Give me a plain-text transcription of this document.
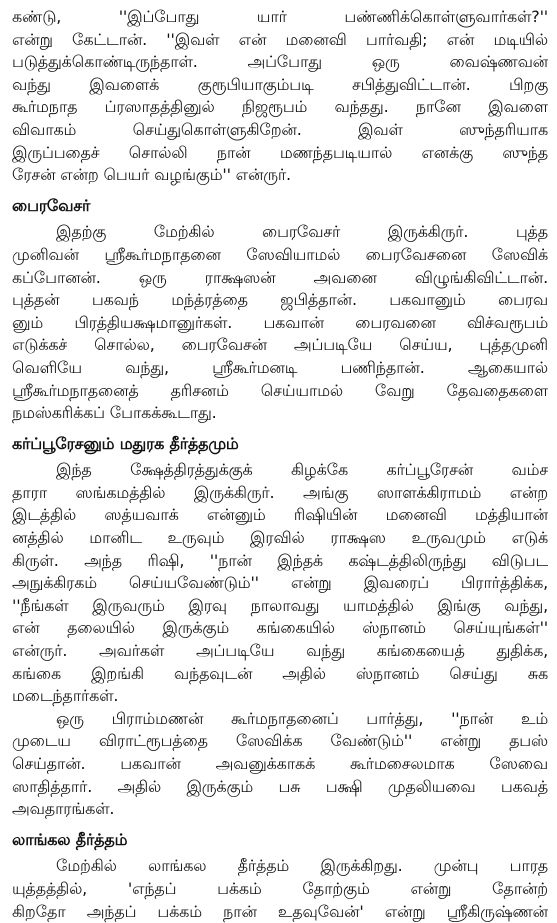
கண்டு, ''இப்போது யார் பண்ணிக்கொள்ளுவார்கள்?''
என்று கேட்டான். ''இவள் என் மனைவி பார்வதி; என் மடியில்
படுத்துக்கொண்டிருந்தாள். அப்போது ஒரு வைஷ்ணவன்
வந்து இவளைக் குரூபியாகும்படி சபித்துவிட்டான். பிறகு
கூர்மநாத ப்ரஸாதத்தினுல் நிஜரூபம் வந்தது. நானே இவளை
விவாகம் செய்துகொள்ளுகிறேன். இவள் ஸுந்தரியாக
இருப்பதைச் சொல்லி நான் மணந்தபடியால் எனக்கு ஸுந்த
ரேசன் என்ற பெயர் வழங்கும்'' என்ருர்.
பைரவேசர்
இதற்கு மேற்கில் பைரவேசர் இருக்கிருர். புத்த
முனிவன் ஸ்ரீகூர்மநாதனை ஸேவியாமல் பைரவேசனை ஸேவிக்
கப்போனன். ஒரு ராக்ஷஸன் அவனை விழுங்கிவிட்டான்.
புத்தன் பகவந் மந்த்ரத்தை ஜபித்தான். பகவானும் பைரவ
னும் பிரத்தியக்ஷமானுர்கள். பகவான் பைரவனை விச்வரூபம்
எடுக்கச் சொல்ல, பைரவேசன் அப்படியே செய்ய, புத்தமுனி
வெளியே வந்து, ஸ்ரீகூர்மனடி பணிந்தான். ஆகையால்
ஸ்ரீகூர்மநாதனைத் தரிசனம் செய்யாமல் வேறு தேவதைகளை
நமஸ்கரிக்கப் போகக்கூடாது.
கர்ப்பூரேசனும் மதுரக தீர்த்தமும்
இந்த க்ஷேத்திரத்துக்குக் கிழக்கே கர்ப்பூரேசன் வம்ச
தாரா ஸங்கமத்தில் இருக்கிருர். அங்கு ஸாளக்கிராமம் என்ற
இடத்தில் ஸத்யவாக் என்னும் ரிஷியின் மனைவி மத்தியான்
னத்தில் மானிட உருவும் இரவில் ராக்ஷஸ உருவமும் எடுக்
கிருள். அந்த ரிஷி, ''நான் இந்தக் கஷ்டத்திலிருந்து விடுபட
அநுக்கிரகம் செய்யவேண்டும்'' என்று இவரைப் பிரார்த்திக்க,
''நீங்கள் இருவரும் இரவு நாலாவது யாமத்தில் இங்கு வந்து,
என் தலையில் இருக்கும் கங்கையில் ஸ்நானம் செய்யுங்கள்''
என்ருர். அவர்கள் அப்படியே வந்து கங்கையைத் துதிக்க,
கங்கை இறங்கி வந்தவுடன் அதில் ஸ்நானம் செய்து சுக
மடைந்தார்கள்.
ஒரு பிராம்மணன் கூர்மநாதனைப் பார்த்து, ''நான் உம்
முடைய விராட்ரூபத்தை ஸேவிக்க வேண்டும்'' என்று தபஸ்
செய்தான். பகவான் அவனுக்காகக் கூர்மசைலமாக ஸேவை
ஸாதித்தார். அதில் இருக்கும் பசு பக்ஷி முதலியவை பகவத்
அவதாரங்கள்.
லாங்கல தீர்த்தம்
மேற்கில் லாங்கல தீர்த்தம் இருக்கிறது. முன்பு பாரத
யுத்தத்தில், 'எந்தப் பக்கம் தோற்கும் என்று தோன்ற்
கிறதோ அந்தப் பக்கம் நான் உதவுவேன்' என்று ஸ்ரீகிருஷ்ணன்
